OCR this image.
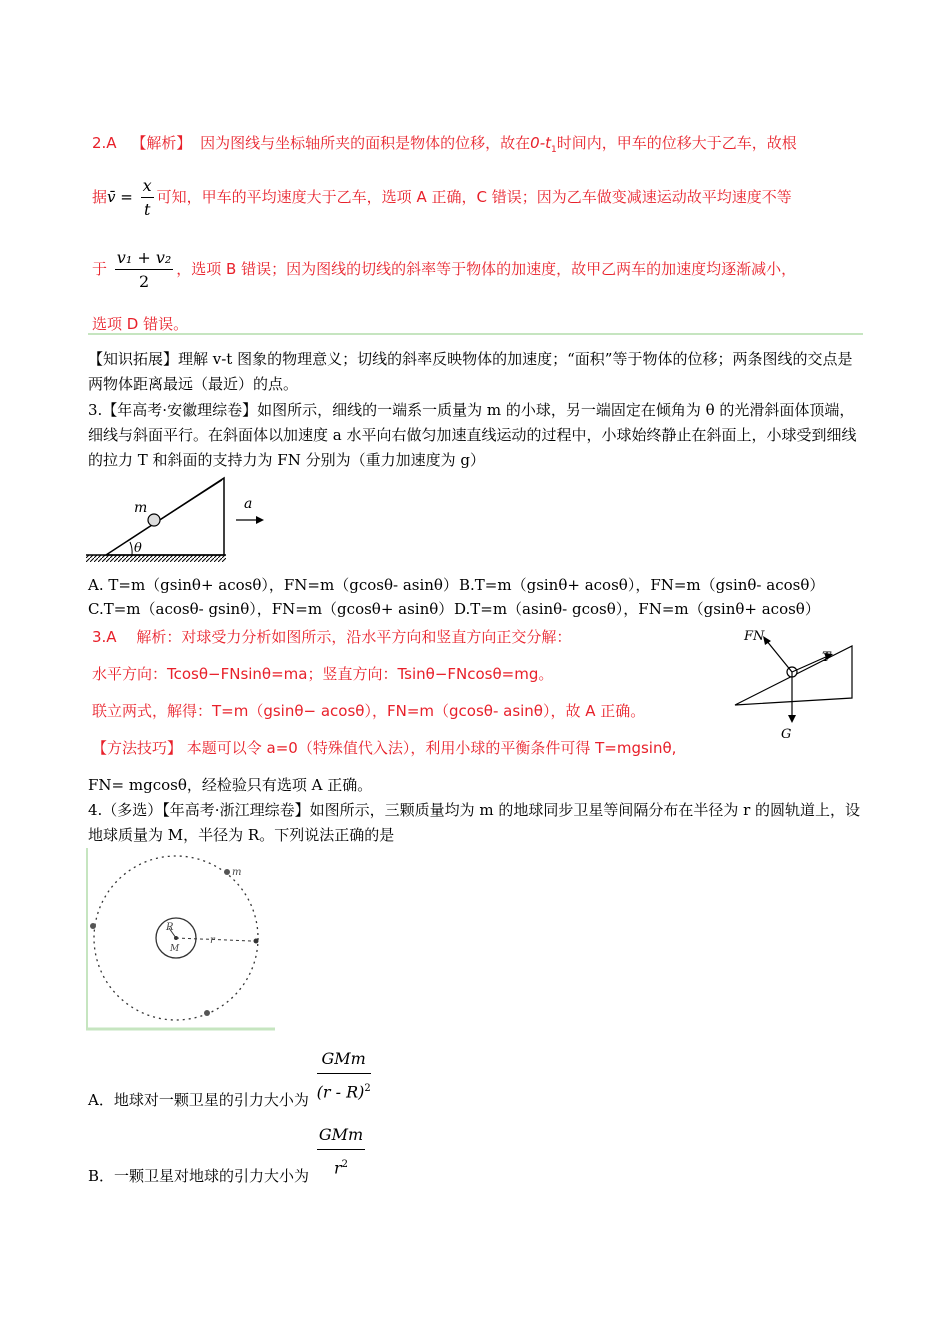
2.A 【解析】 因为图线与坐标轴所夹的面积是物体的位移，故在$0-t_1$时间内，甲车的位移大于乙车，故根
据v̄ = $\frac{x}{t}$ 可知，甲车的平均速度大于乙车，选项 A 正确，C 错误；因为乙车做变减速运动故平均速度不等
于 $\frac{\text{v₁ + v₂}}{2}$ ，选项 B 错误；因为图线的切线的斜率等于物体的加速度，故甲乙两车的加速度均逐渐减小，
选项 D 错误。
【知识拓展】理解 v-t 图象的物理意义；切线的斜率反映物体的加速度；“面积”等于物体的位移；两条图线的交点是两物体距离最远（最近）的点。
3.【年高考·安徽理综卷】如图所示，细线的一端系一质量为 m 的小球，另一端固定在倾角为 θ 的光滑斜面体顶端，细线与斜面平行。在斜面体以加速度 a 水平向右做匀加速直线运动的过程中，小球始终静止在斜面上，小球受到细线的拉力 T 和斜面的支持力为 FN 分别为（重力加速度为 g）
θ
m	a
A. T=m（gsinθ+ acosθ），FN=m（gcosθ- asinθ） B.T=m（gsinθ+ acosθ），FN=m（gsinθ- acosθ）
C.T=m（acosθ- gsinθ），FN=m（gcosθ+ asinθ） D.T=m（asinθ- gcosθ），FN=m（gsinθ+ acosθ）
3.A　 解析：对球受力分析如图所示，沿水平方向和竖直方向正交分解：
水平方向：Tcosθ−FNsinθ=ma；竖直方向：Tsinθ−FNcosθ=mg。
联立两式，解得：T=m（gsinθ− acosθ），FN=m（gcosθ- asinθ），故 A 正确。
【方法技巧】 本题可以令 a=0（特殊值代入法），利用小球的平衡条件可得 T=mgsinθ,
FN
T
G
FN= mgcosθ，经检验只有选项 A 正确。
4.（多选）【年高考·浙江理综卷】如图所示，三颗质量均为 m 的地球同步卫星等间隔分布在半径为 r 的圆轨道上，设地球质量为 M，半径为 R。下列说法正确的是
m
R
M
r
A．地球对一颗卫星的引力大小为 $\frac{\text{GMm}}{(r - R)^2}$
B．一颗卫星对地球的引力大小为 $\frac{\text{GMm}}{r^2}$
